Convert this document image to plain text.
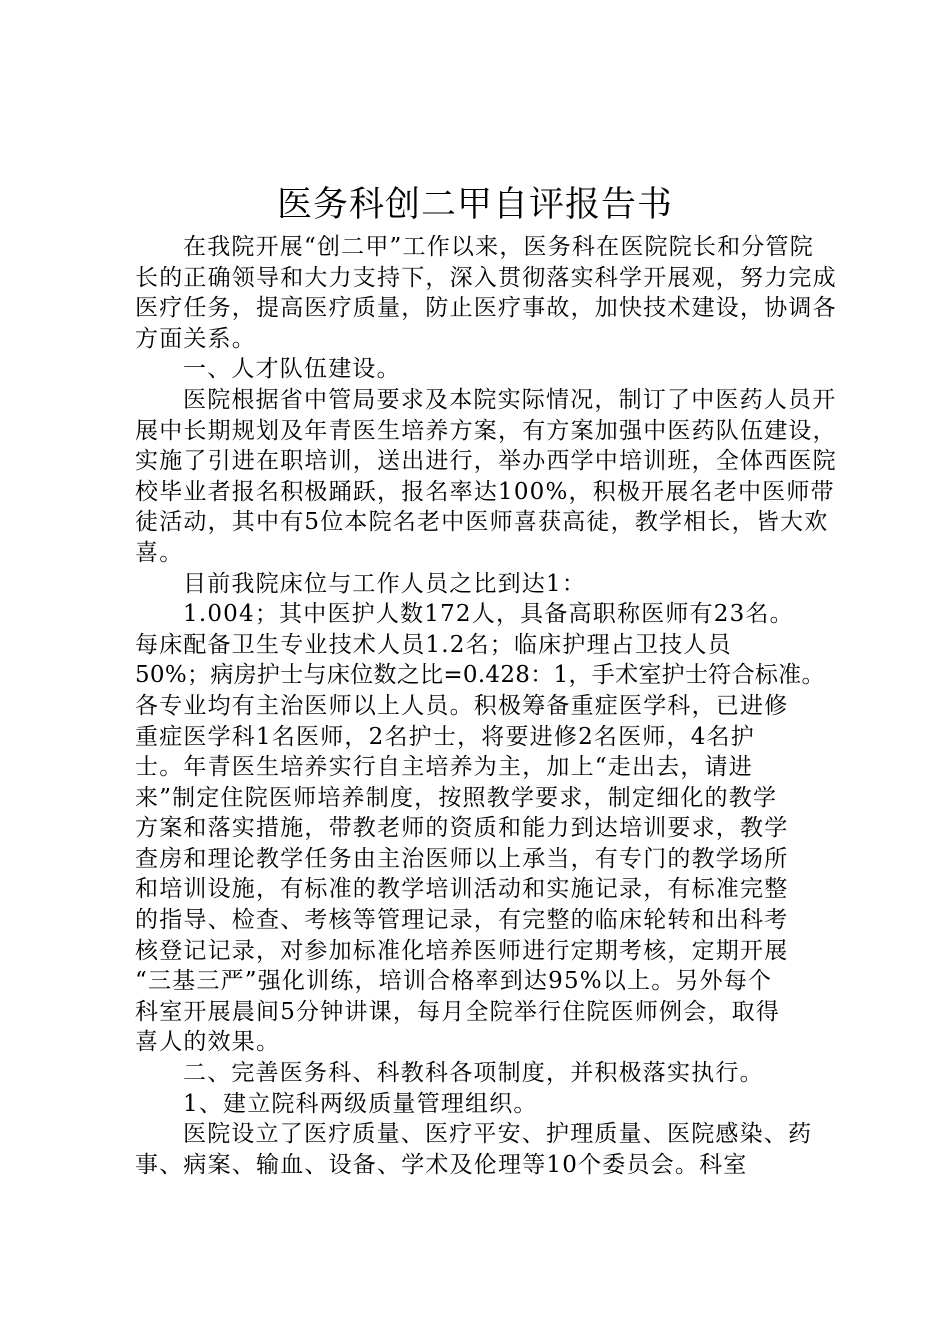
医务科创二甲自评报告书

在我院开展“创二甲”工作以来，医务科在医院院长和分管院长的正确领导和大力支持下，深入贯彻落实科学开展观，努力完成医疗任务，提高医疗质量，防止医疗事故，加快技术建设，协调各方面关系。

一、人才队伍建设。

医院根据省中管局要求及本院实际情况，制订了中医药人员开展中长期规划及年青医生培养方案，有方案加强中医药队伍建设，实施了引进在职培训，送出进行，举办西学中培训班，全体西医院校毕业者报名积极踊跃，报名率达100%，积极开展名老中医师带徒活动，其中有5位本院名老中医师喜获高徒，教学相长，皆大欢喜。

目前我院床位与工作人员之比到达1：

1.004；其中医护人数172人，具备高职称医师有23名。
每床配备卫生专业技术人员1.2名；临床护理占卫技人员
50%；病房护士与床位数之比=0.428：1，手术室护士符合标准。
各专业均有主治医师以上人员。积极筹备重症医学科，已进修
重症医学科1名医师，2名护士，将要进修2名医师，4名护
士。年青医生培养实行自主培养为主，加上“走出去，请进
来”制定住院医师培养制度，按照教学要求，制定细化的教学
方案和落实措施，带教老师的资质和能力到达培训要求，教学
查房和理论教学任务由主治医师以上承当，有专门的教学场所
和培训设施，有标准的教学培训活动和实施记录，有标准完整
的指导、检查、考核等管理记录，有完整的临床轮转和出科考
核登记记录，对参加标准化培养医师进行定期考核，定期开展
“三基三严”强化训练，培训合格率到达95%以上。另外每个
科室开展晨间5分钟讲课，每月全院举行住院医师例会，取得
喜人的效果。

二、完善医务科、科教科各项制度，并积极落实执行。

1、建立院科两级质量管理组织。

医院设立了医疗质量、医疗平安、护理质量、医院感染、药事、病案、输血、设备、学术及伦理等10个委员会。科室
